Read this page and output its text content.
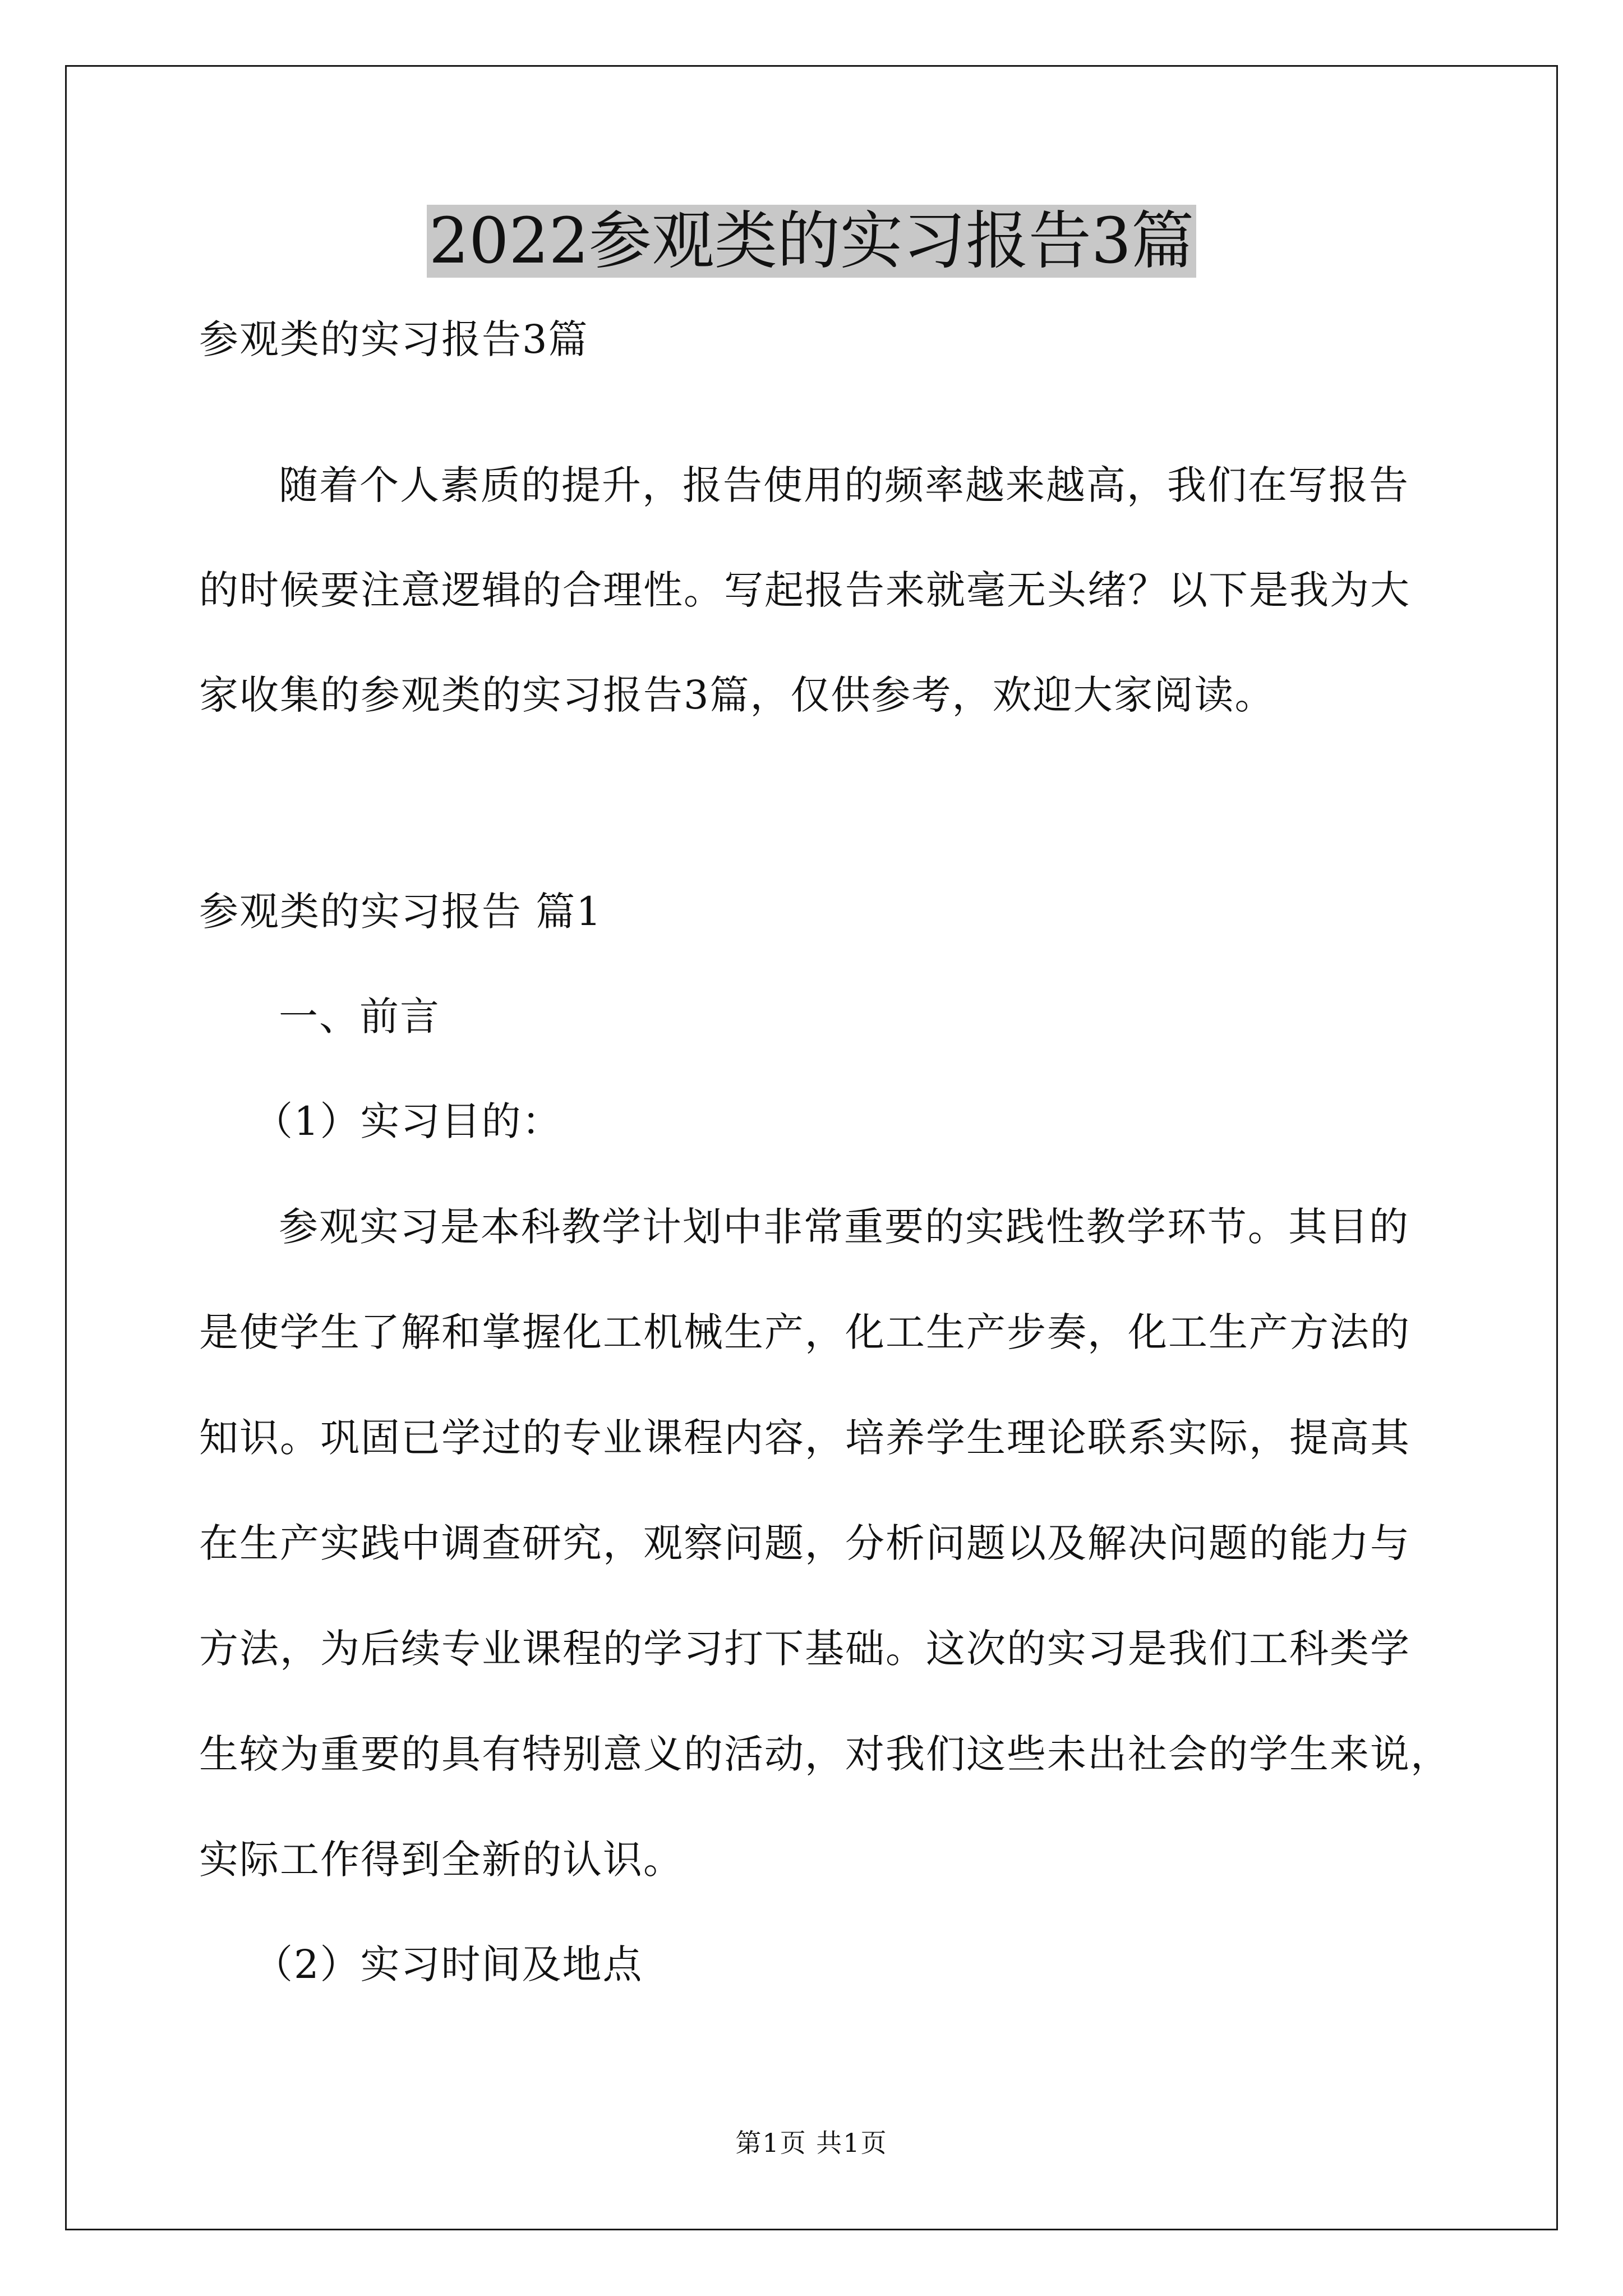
2022参观类的实习报告3篇
参观类的实习报告3篇
随着个人素质的提升，报告使用的频率越来越高，我们在写报告
的时候要注意逻辑的合理性。写起报告来就毫无头绪？以下是我为大
家收集的参观类的实习报告3篇，仅供参考，欢迎大家阅读。
参观类的实习报告 篇1
一、前言
（1）实习目的：
参观实习是本科教学计划中非常重要的实践性教学环节。其目的
是使学生了解和掌握化工机械生产，化工生产步奏，化工生产方法的
知识。巩固已学过的专业课程内容，培养学生理论联系实际，提高其
在生产实践中调查研究，观察问题，分析问题以及解决问题的能力与
方法，为后续专业课程的学习打下基础。这次的实习是我们工科类学
生较为重要的具有特别意义的活动，对我们这些未出社会的学生来说，
实际工作得到全新的认识。
（2）实习时间及地点
第1页 共1页
